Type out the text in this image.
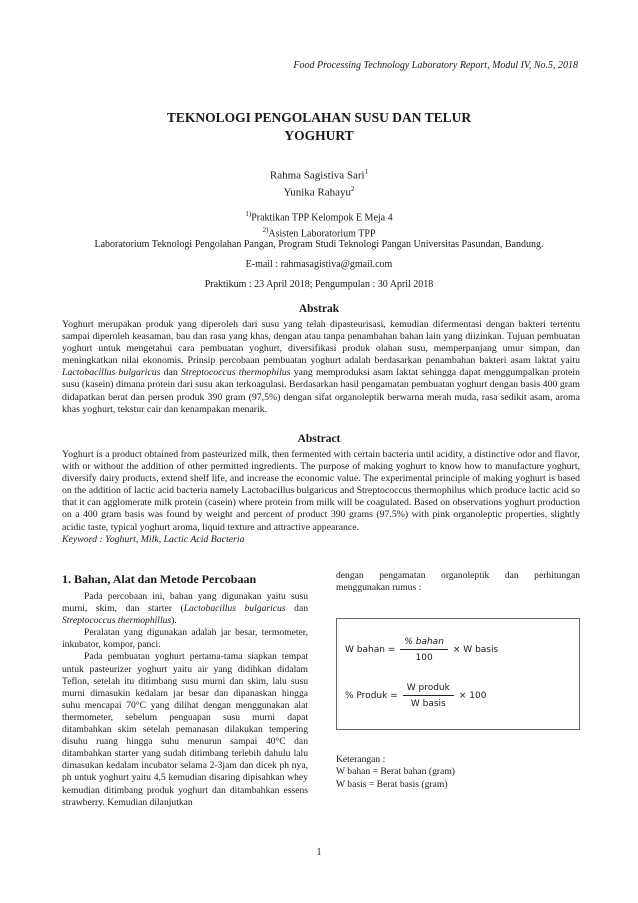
Food Processing Technology Laboratory Report, Modul IV, No.5, 2018
TEKNOLOGI PENGOLAHAN SUSU DAN TELUR
YOGHURT
Rahma Sagistiva Sari$^1$
Yunika Rahayu$^2$
$^{1)}$Praktikan TPP Kelompok E Meja 4
$^{2)}$Asisten Laboratorium TPP
Laboratorium Teknologi Pengolahan Pangan, Program Studi Teknologi Pangan Universitas Pasundan, Bandung.
E-mail : rahmasagistiva@gmail.com
Praktikum : 23 April 2018; Pengumpulan : 30 April 2018
Abstrak

Yoghurt merupakan produk yang diperoleh dari susu yang telah dipasteurisasi, kemudian difermentasi dengan bakteri tertentu sampai diperoleh keasaman, bau dan rasa yang khas, dengan atau tanpa penambahan bahan lain yang diizinkan. Tujuan pembuatan yoghurt untuk mengetahui cara pembuatan yoghurt, diversifikasi produk olahan susu, memperpanjang umur simpan, dan meningkatkan nilai ekonomis. Prinsip percobaan pembuatan yoghurt adalah berdasarkan penambahan bakteri asam laktat yaitu Lactobacillus bulgaricus dan Streptococcus thermophilus yang memproduksi asam laktat sehingga dapat menggumpalkan protein susu (kasein) dimana protein dari susu akan terkoagulasi. Berdasarkan hasil pengamatan pembuatan yoghurt dengan basis 400 gram didapatkan berat dan persen produk 390 gram (97,5%) dengan sifat organoleptik berwarna merah muda, rasa sedikit asam, aroma khas yoghurt, tekstur cair dan kenampakan menarik.

Abstract

Yoghurt is a product obtained from pasteurized milk, then fermented with certain bacteria until acidity, a distinctive odor and flavor, with or without the addition of other permitted ingredients. The purpose of making yoghurt to know how to manufacture yoghurt, diversify dairy products, extend shelf life, and increase the economic value. The experimental principle of making yoghurt is based on the addition of lactic acid bacteria namely Lactobacillus bulgaricus and Streptococcus thermophilus which produce lactic acid so that it can agglomerate milk protein (casein) where protein from milk will be coagulated. Based on observations yoghurt production on a 400 gram basis was found by weight and percent of product 390 grams (97.5%) with pink organoleptic properties, slightly acidic taste, typical yoghurt aroma, liquid texture and attractive appearance.

Keyword : Yoghurt, Milk, Lactic Acid Bacteria

1. Bahan, Alat dan Metode Percobaan

Pada percobaan ini, bahan yang digunakan yaitu susu murni, skim, dan starter (Lactobacillus bulgaricus dan Streptococcus thermophillus).

Peralatan yang digunakan adalah jar besar, termometer, inkubator, kompor, panci.

Pada pembuatan yoghurt pertama-tama siapkan tempat untuk pasteurizer yoghurt yaitu air yang didihkan didalam Teflon, setelah itu ditimbang susu murni dan skim, lalu susu murni dimasukin kedalam jar besar dan dipanaskan hingga suhu mencapai 70°C yang dilihat dengan menggunakan alat thermometer, sebelum penguapan susu murni dapat ditambahkan skim setelah pemanasan dilakukan tempering disuhu ruang hingga suhu menurun sampai 40°C dan ditambahkan starter yang sudah ditimbang terlebih dahulu lalu dimasukan kedalam incubator selama 2-3jam dan dicek ph nya, ph untuk yoghurt yaitu 4,5 kemudian disaring dipisahkan whey kemudian ditimbang produk yoghurt dan ditambahkan essens strawberry. Kemudian dilanjutkan

dengan pengamatan organoleptik dan perhitungan menggunakan rumus :

W bahan = $\frac{\text{\% bahan}}{100} \times W$ basis
% Produk = $\frac{\text{W produk}}{\text{W basis}} \times 100$
Keterangan :
W bahan = Berat bahan (gram)
W basis = Berat basis (gram)
1
